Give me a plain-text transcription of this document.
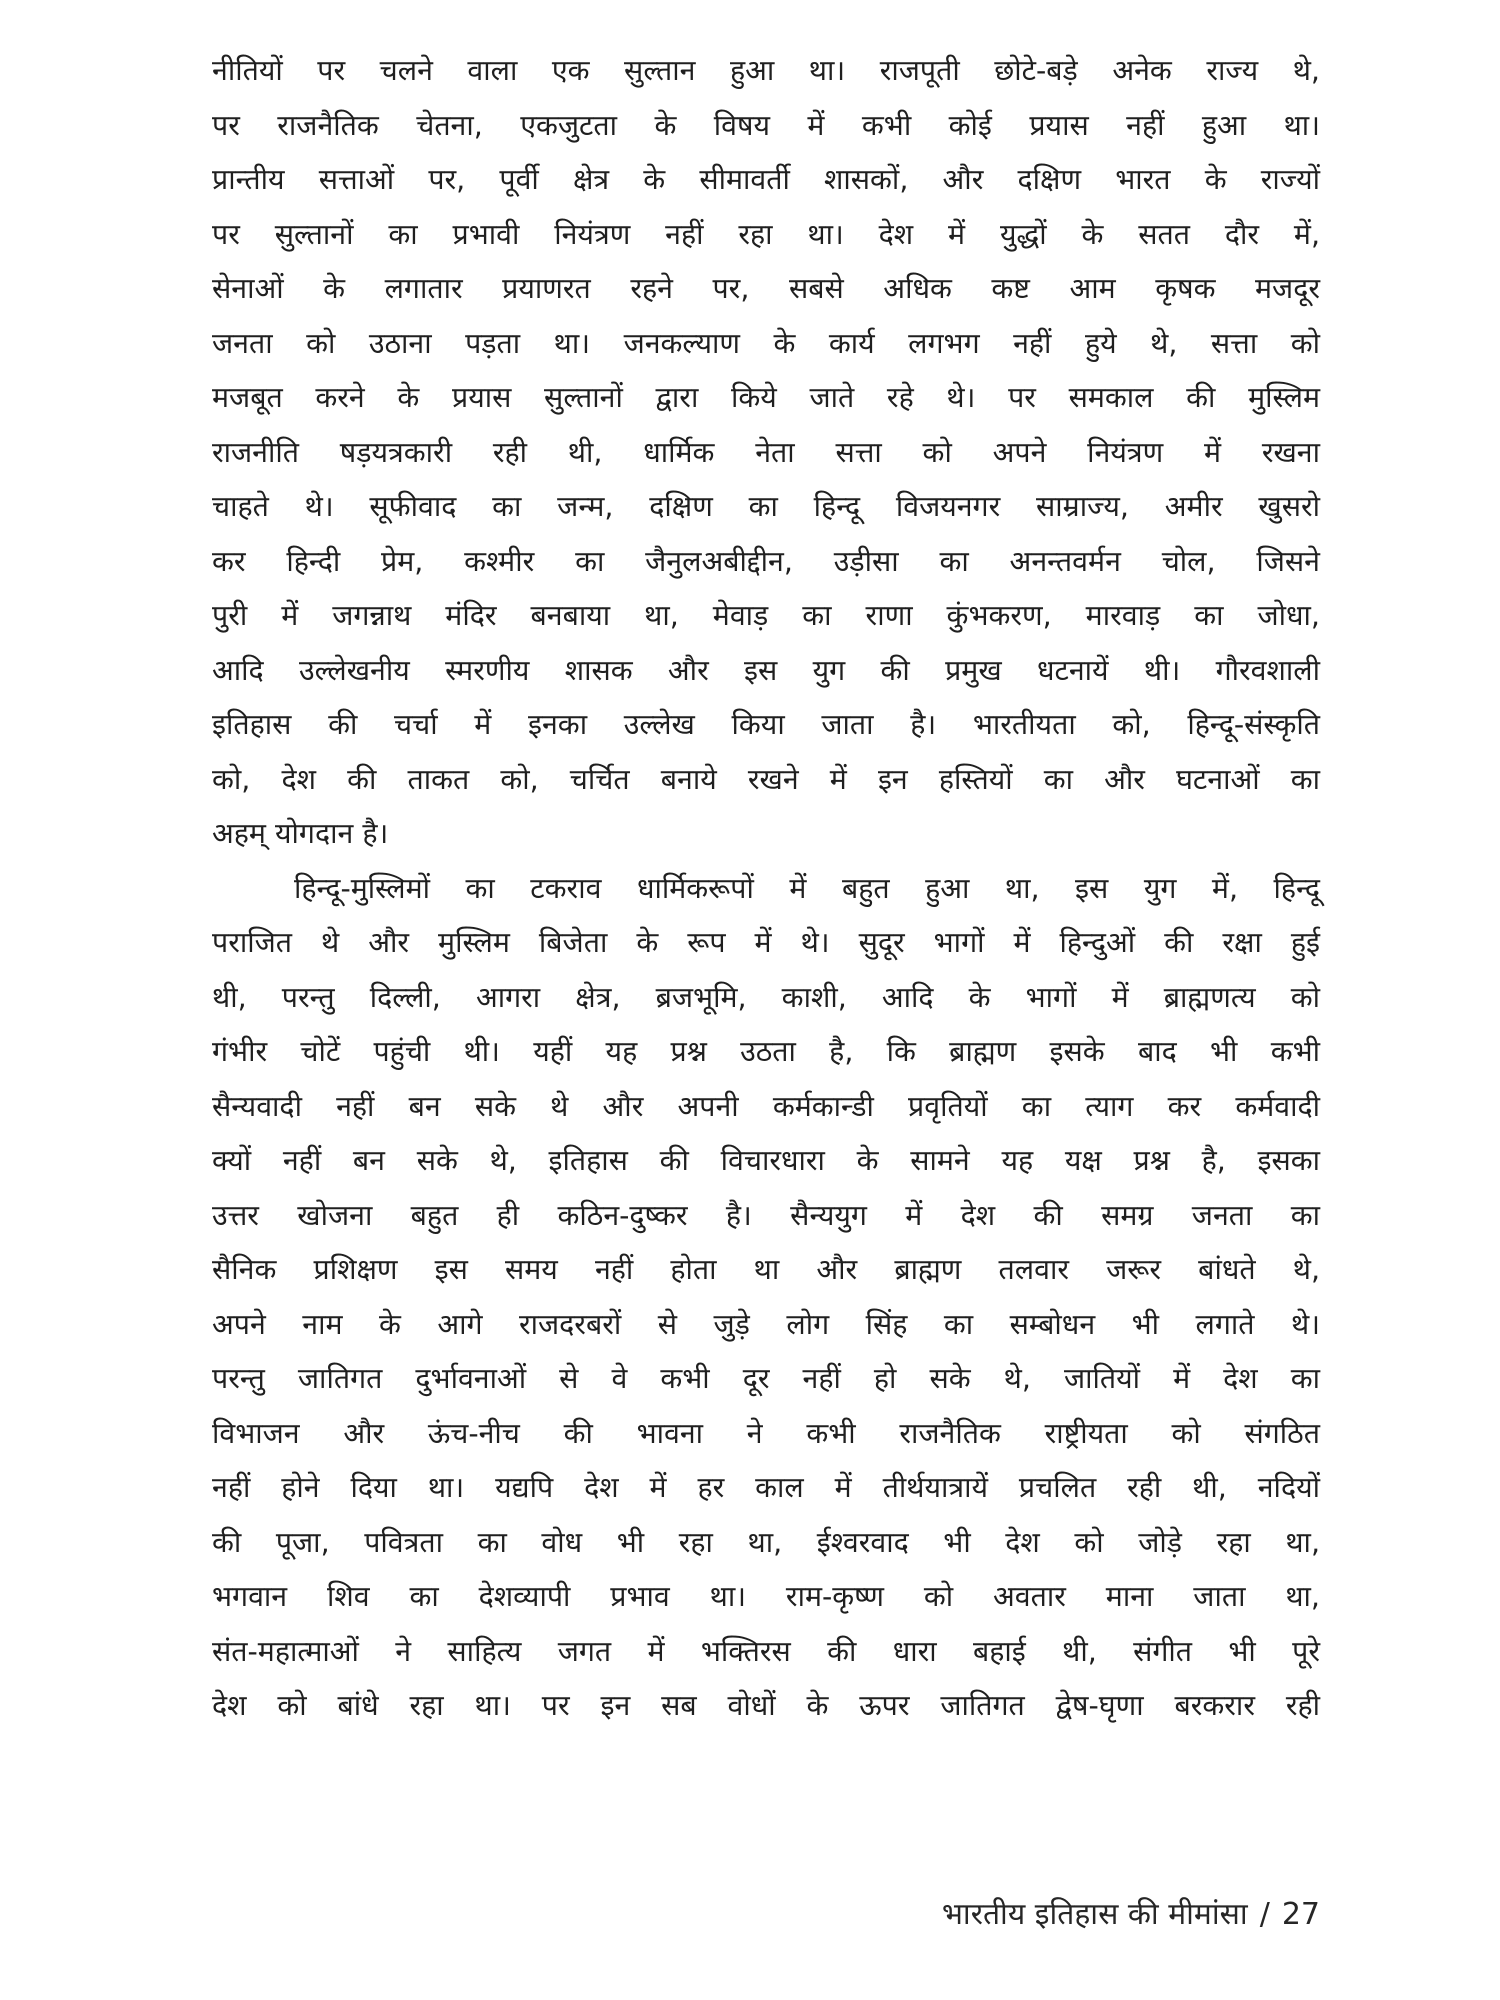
नीतियों पर चलने वाला एक सुल्तान हुआ था। राजपूती छोटे-बड़े अनेक राज्य थे,
पर राजनैतिक चेतना, एकजुटता के विषय में कभी कोई प्रयास नहीं हुआ था।
प्रान्तीय सत्ताओं पर, पूर्वी क्षेत्र के सीमावर्ती शासकों, और दक्षिण भारत के राज्यों
पर सुल्तानों का प्रभावी नियंत्रण नहीं रहा था। देश में युद्धों के सतत दौर में,
सेनाओं के लगातार प्रयाणरत रहने पर, सबसे अधिक कष्ट आम कृषक मजदूर
जनता को उठाना पड़ता था। जनकल्याण के कार्य लगभग नहीं हुये थे, सत्ता को
मजबूत करने के प्रयास सुल्तानों द्वारा किये जाते रहे थे। पर समकाल की मुस्लिम
राजनीति षड़यत्रकारी रही थी, धार्मिक नेता सत्ता को अपने नियंत्रण में रखना
चाहते थे। सूफीवाद का जन्म, दक्षिण का हिन्दू विजयनगर साम्राज्य, अमीर खुसरो
कर हिन्दी प्रेम, कश्मीर का जैनुलअबीद्दीन, उड़ीसा का अनन्तवर्मन चोल, जिसने
पुरी में जगन्नाथ मंदिर बनबाया था, मेवाड़ का राणा कुंभकरण, मारवाड़ का जोधा,
आदि उल्लेखनीय स्मरणीय शासक और इस युग की प्रमुख धटनायें थी। गौरवशाली
इतिहास की चर्चा में इनका उल्लेख किया जाता है। भारतीयता को, हिन्दू-संस्कृति
को, देश की ताकत को, चर्चित बनाये रखने में इन हस्तियों का और घटनाओं का
अहम् योगदान है।
हिन्दू-मुस्लिमों का टकराव धार्मिकरूपों में बहुत हुआ था, इस युग में, हिन्दू
पराजित थे और मुस्लिम बिजेता के रूप में थे। सुदूर भागों में हिन्दुओं की रक्षा हुई
थी, परन्तु दिल्ली, आगरा क्षेत्र, ब्रजभूमि, काशी, आदि के भागों में ब्राह्मणत्य को
गंभीर चोटें पहुंची थी। यहीं यह प्रश्न उठता है, कि ब्राह्मण इसके बाद भी कभी
सैन्यवादी नहीं बन सके थे और अपनी कर्मकान्डी प्रवृतियों का त्याग कर कर्मवादी
क्यों नहीं बन सके थे, इतिहास की विचारधारा के सामने यह यक्ष प्रश्न है, इसका
उत्तर खोजना बहुत ही कठिन-दुष्कर है। सैन्ययुग में देश की समग्र जनता का
सैनिक प्रशिक्षण इस समय नहीं होता था और ब्राह्मण तलवार जरूर बांधते थे,
अपने नाम के आगे राजदरबरों से जुड़े लोग सिंह का सम्बोधन भी लगाते थे।
परन्तु जातिगत दुर्भावनाओं से वे कभी दूर नहीं हो सके थे, जातियों में देश का
विभाजन और ऊंच-नीच की भावना ने कभी राजनैतिक राष्ट्रीयता को संगठित
नहीं होने दिया था। यद्यपि देश में हर काल में तीर्थयात्रायें प्रचलित रही थी, नदियों
की पूजा, पवित्रता का वोध भी रहा था, ईश्वरवाद भी देश को जोड़े रहा था,
भगवान शिव का देशव्यापी प्रभाव था। राम-कृष्ण को अवतार माना जाता था,
संत-महात्माओं ने साहित्य जगत में भक्तिरस की धारा बहाई थी, संगीत भी पूरे
देश को बांधे रहा था। पर इन सब वोधों के ऊपर जातिगत द्वेष-घृणा बरकरार रही
भारतीय इतिहास की मीमांसा / 27
